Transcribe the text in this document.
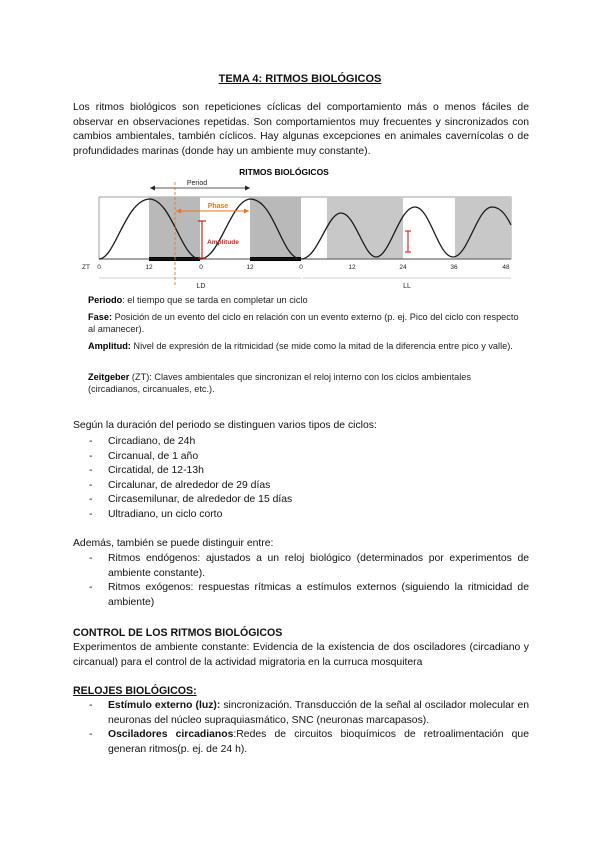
TEMA 4: RITMOS BIOLÓGICOS
Los ritmos biológicos son repeticiones cíclicas del comportamiento más o menos fáciles de observar en observaciones repetidas. Son comportamientos muy frecuentes y sincronizados con cambios ambientales, también cíclicos. Hay algunas excepciones en animales cavernícolas o de profundidades marinas (donde hay un ambiente muy constante).
RITMOS BIOLÓGICOS
Period
Phase
Amplitude
ZT 0	12	0	12	0	12	24	36	48
LD	LL
Periodo: el tiempo que se tarda en completar un ciclo
Fase: Posición de un evento del ciclo en relación con un evento externo (p. ej. Pico del ciclo con respecto al amanecer).
Amplitud: Nivel de expresión de la ritmicidad (se mide como la mitad de la diferencia entre pico y valle).
Zeitgeber (ZT): Claves ambientales que sincronizan el reloj interno con los ciclos ambientales (circadianos, circanuales, etc.).
Según la duración del periodo se distinguen varios tipos de ciclos:
- Circadiano, de 24h
- Circanual, de 1 año
- Circatidal, de 12-13h
- Circalunar, de alrededor de 29 días
- Circasemilunar, de alrededor de 15 días
- Ultradiano, un ciclo corto
Además, también se puede distinguir entre:
- Ritmos endógenos: ajustados a un reloj biológico (determinados por experimentos de ambiente constante).
- Ritmos exógenos: respuestas rítmicas a estímulos externos (siguiendo la ritmicidad de ambiente)
CONTROL DE LOS RITMOS BIOLÓGICOS
Experimentos de ambiente constante: Evidencia de la existencia de dos osciladores (circadiano y circanual) para el control de la actividad migratoria en la curruca mosquitera
RELOJES BIOLÓGICOS:
- Estímulo externo (luz): sincronización. Transducción de la señal al oscilador molecular en neuronas del núcleo supraquiasmático, SNC (neuronas marcapasos).
- Osciladores circadianos:Redes de circuitos bioquímicos de retroalimentación que generan ritmos(p. ej. de 24 h).
